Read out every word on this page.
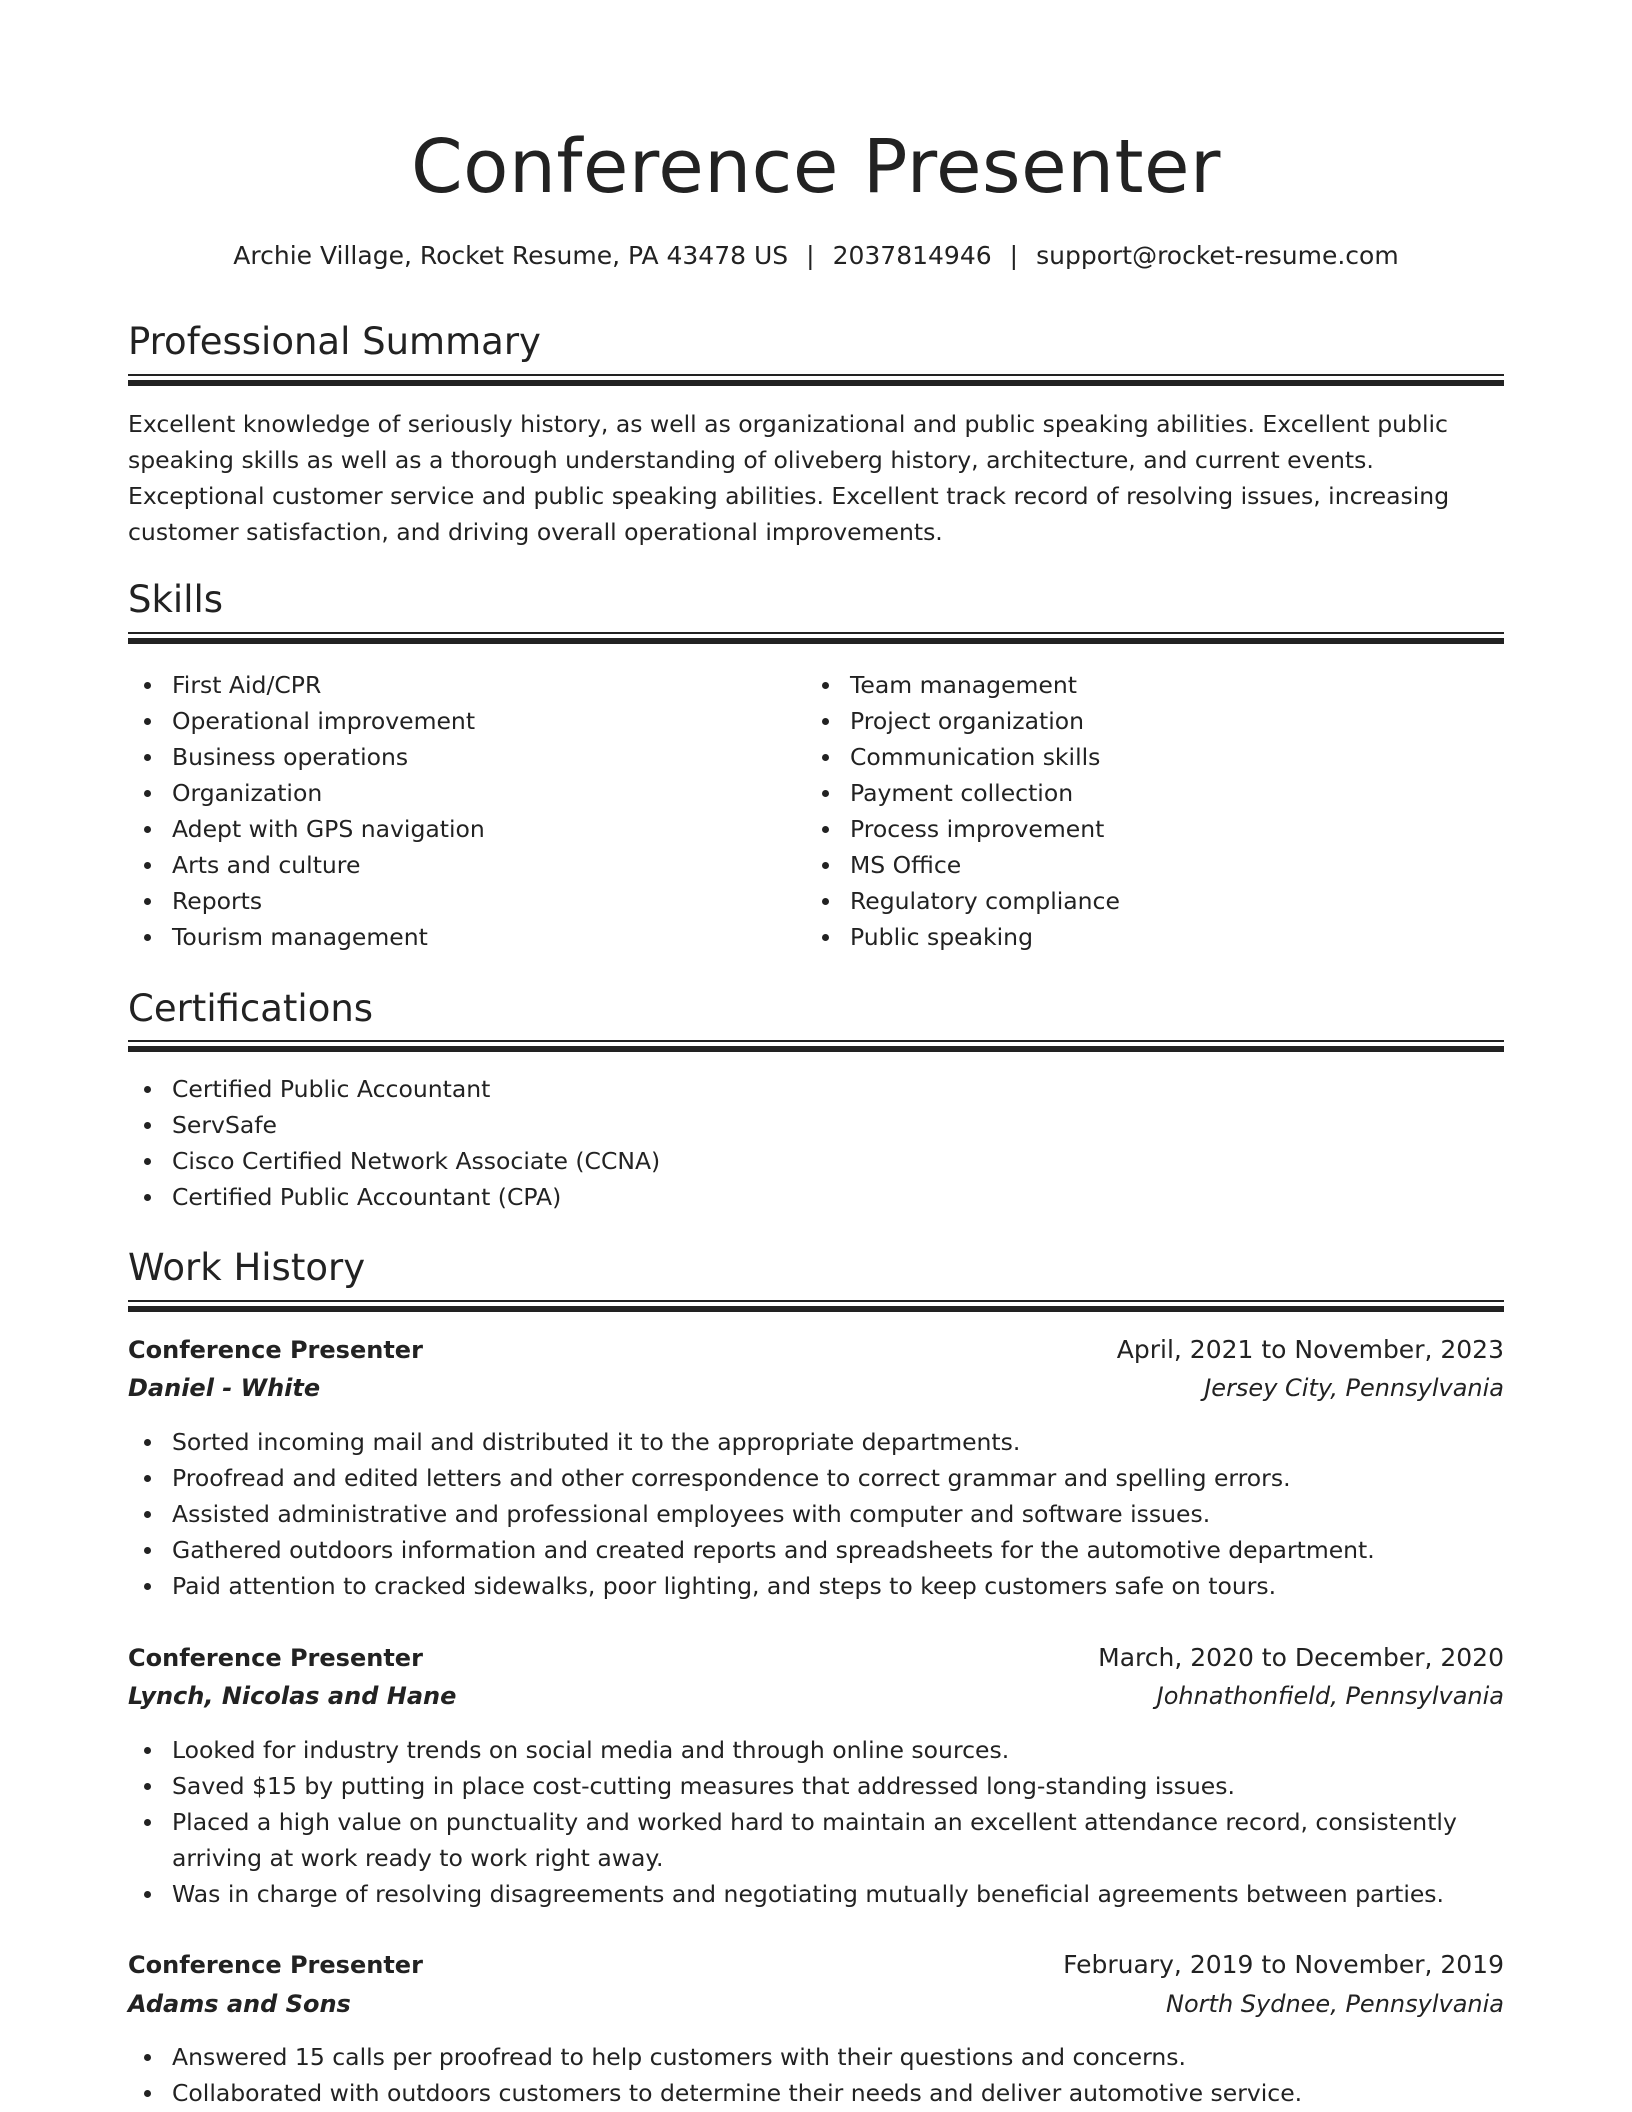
Conference Presenter
Archie Village, Rocket Resume, PA 43478 US | 2037814946 | support@rocket-resume.com
Professional Summary
Excellent knowledge of seriously history, as well as organizational and public speaking abilities. Excellent public speaking skills as well as a thorough understanding of oliveberg history, architecture, and current events. Exceptional customer service and public speaking abilities. Excellent track record of resolving issues, increasing customer satisfaction, and driving overall operational improvements.
Skills
First Aid/CPR
Operational improvement
Business operations
Organization
Adept with GPS navigation
Arts and culture
Reports
Tourism management
Team management
Project organization
Communication skills
Payment collection
Process improvement
MS Office
Regulatory compliance
Public speaking
Certifications
Certified Public Accountant
ServSafe
Cisco Certified Network Associate (CCNA)
Certified Public Accountant (CPA)
Work History
Conference Presenter	April, 2021 to November, 2023
Daniel - White	Jersey City, Pennsylvania
Sorted incoming mail and distributed it to the appropriate departments.
Proofread and edited letters and other correspondence to correct grammar and spelling errors.
Assisted administrative and professional employees with computer and software issues.
Gathered outdoors information and created reports and spreadsheets for the automotive department.
Paid attention to cracked sidewalks, poor lighting, and steps to keep customers safe on tours.
Conference Presenter	March, 2020 to December, 2020
Lynch, Nicolas and Hane	Johnathonfield, Pennsylvania
Looked for industry trends on social media and through online sources.
Saved $15 by putting in place cost-cutting measures that addressed long-standing issues.
Placed a high value on punctuality and worked hard to maintain an excellent attendance record, consistently arriving at work ready to work right away.
Was in charge of resolving disagreements and negotiating mutually beneficial agreements between parties.
Conference Presenter	February, 2019 to November, 2019
Adams and Sons	North Sydnee, Pennsylvania
Answered 15 calls per proofread to help customers with their questions and concerns.
Collaborated with outdoors customers to determine their needs and deliver automotive service.
